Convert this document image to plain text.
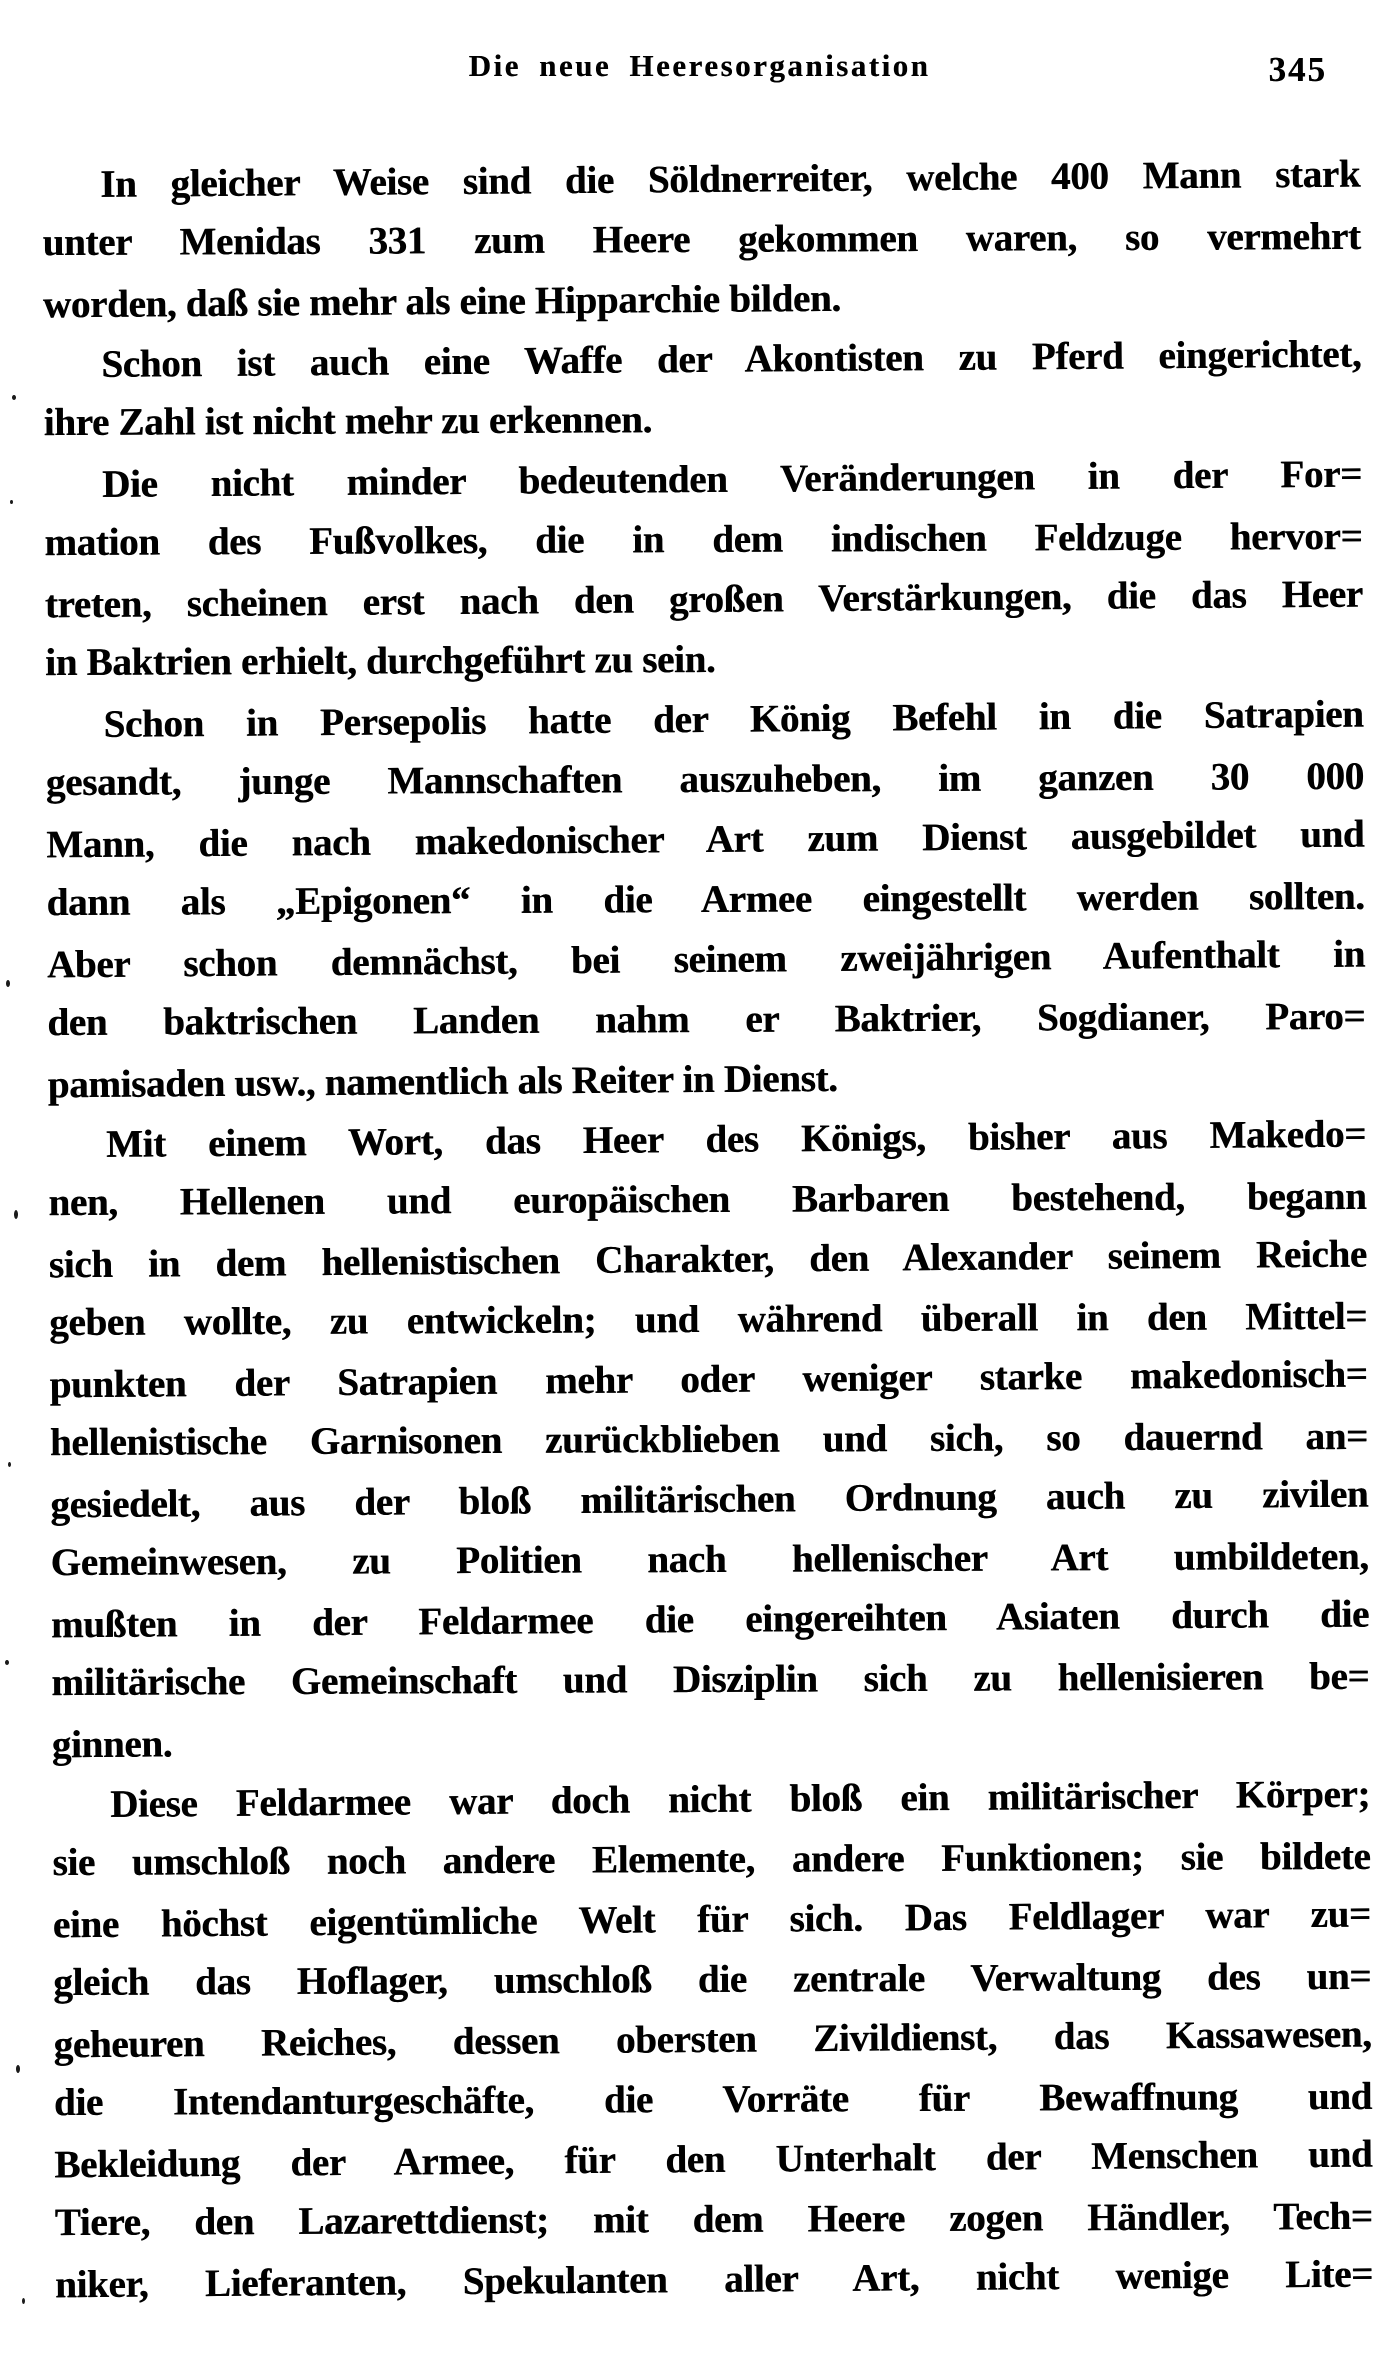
Die neue Heeresorganisation	345
In gleicher Weise sind die Söldnerreiter, welche 400 Mann stark
unter Menidas 331 zum Heere gekommen waren, so vermehrt
worden, daß sie mehr als eine Hipparchie bilden.
Schon ist auch eine Waffe der Akontisten zu Pferd eingerichtet,
ihre Zahl ist nicht mehr zu erkennen.
Die nicht minder bedeutenden Veränderungen in der For=
mation des Fußvolkes, die in dem indischen Feldzuge hervor=
treten, scheinen erst nach den großen Verstärkungen, die das Heer
in Baktrien erhielt, durchgeführt zu sein.
Schon in Persepolis hatte der König Befehl in die Satrapien
gesandt, junge Mannschaften auszuheben, im ganzen 30 000
Mann, die nach makedonischer Art zum Dienst ausgebildet und
dann als „Epigonen“ in die Armee eingestellt werden sollten.
Aber schon demnächst, bei seinem zweijährigen Aufenthalt in
den baktrischen Landen nahm er Baktrier, Sogdianer, Paro=
pamisaden usw., namentlich als Reiter in Dienst.
Mit einem Wort, das Heer des Königs, bisher aus Makedo=
nen, Hellenen und europäischen Barbaren bestehend, begann
sich in dem hellenistischen Charakter, den Alexander seinem Reiche
geben wollte, zu entwickeln; und während überall in den Mittel=
punkten der Satrapien mehr oder weniger starke makedonisch=
hellenistische Garnisonen zurückblieben und sich, so dauernd an=
gesiedelt, aus der bloß militärischen Ordnung auch zu zivilen
Gemeinwesen, zu Politien nach hellenischer Art umbildeten,
mußten in der Feldarmee die eingereihten Asiaten durch die
militärische Gemeinschaft und Disziplin sich zu hellenisieren be=
ginnen.
Diese Feldarmee war doch nicht bloß ein militärischer Körper;
sie umschloß noch andere Elemente, andere Funktionen; sie bildete
eine höchst eigentümliche Welt für sich. Das Feldlager war zu=
gleich das Hoflager, umschloß die zentrale Verwaltung des un=
geheuren Reiches, dessen obersten Zivildienst, das Kassawesen,
die Intendanturgeschäfte, die Vorräte für Bewaffnung und
Bekleidung der Armee, für den Unterhalt der Menschen und
Tiere, den Lazarettdienst; mit dem Heere zogen Händler, Tech=
niker, Lieferanten, Spekulanten aller Art, nicht wenige Lite=
